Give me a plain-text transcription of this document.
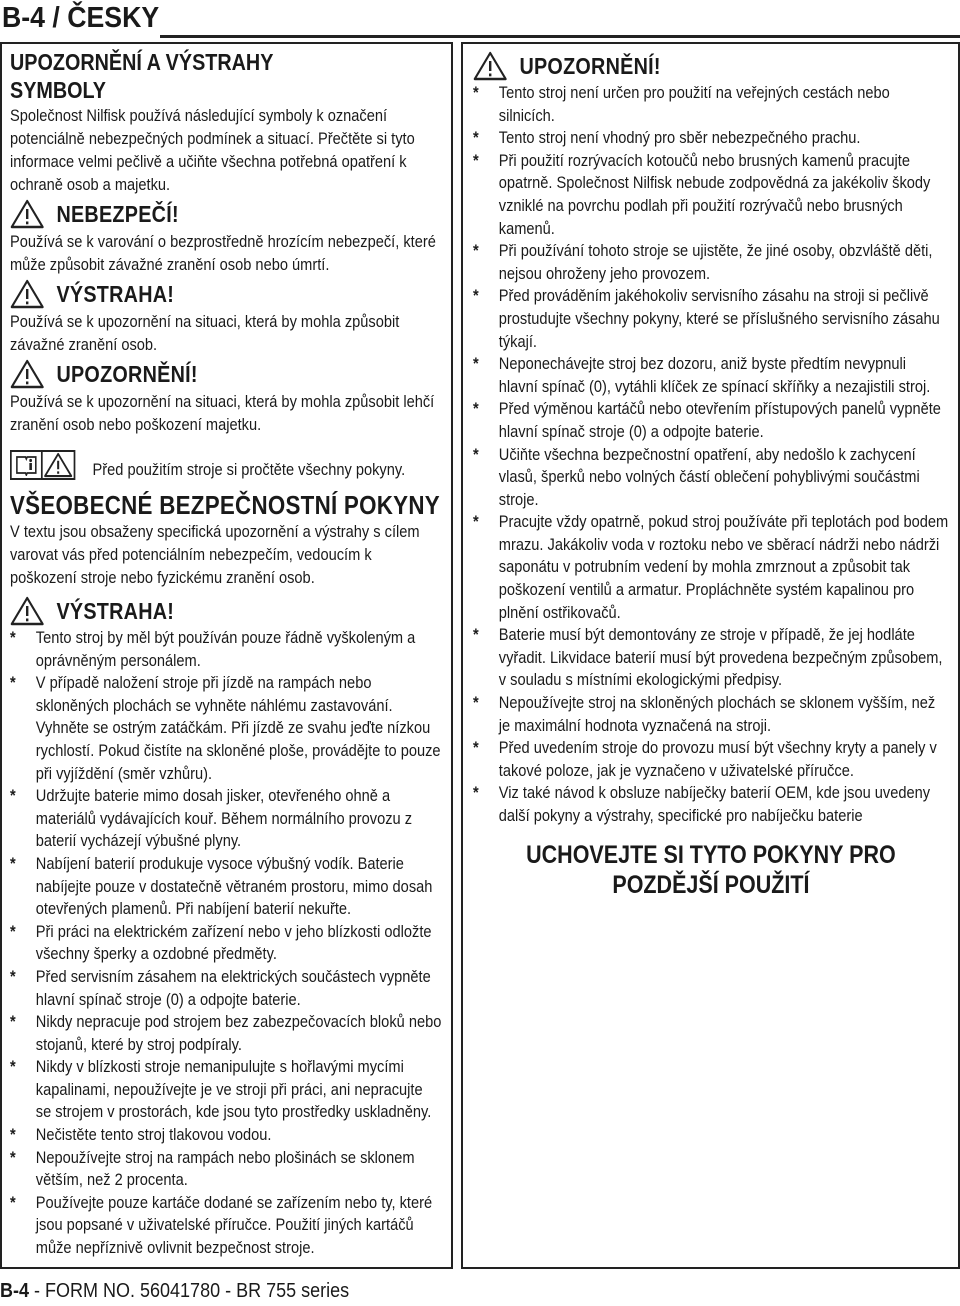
B-4 / ČESKY
UPOZORNĚNÍ A VÝSTRAHY
SYMBOLY

Společnost Nilfisk používá následující symboly k označení potenciálně nebezpečných podmínek a situací. Přečtěte si tyto informace velmi pečlivě a učiňte všechna potřebná opatření k ochraně osob a majetku.

NEBEZPEČÍ!

Používá se k varování o bezprostředně hrozícím nebezpečí, které může způsobit závažné zranění osob nebo úmrtí.

VÝSTRAHA!

Používá se k upozornění na situaci, která by mohla způsobit závažné zranění osob.

UPOZORNĚNÍ!

Používá se k upozornění na situaci, která by mohla způsobit lehčí zranění osob nebo poškození majetku.

Před použitím stroje si pročtěte všechny pokyny.
VŠEOBECNÉ BEZPEČNOSTNÍ POKYNY

V textu jsou obsaženy specifická upozornění a výstrahy s cílem varovat vás před potenciálním nebezpečím, vedoucím k poškození stroje nebo fyzickému zranění osob.

VÝSTRAHA!
* Tento stroj by měl být používán pouze řádně vyškoleným a oprávněným personálem.
* V případě naložení stroje při jízdě na rampách nebo skloněných plochách se vyhněte náhlému zastavování. Vyhněte se ostrým zatáčkám. Při jízdě ze svahu jeďte nízkou rychlostí. Pokud čistíte na skloněné ploše, provádějte to pouze při vyjíždění (směr vzhůru).
* Udržujte baterie mimo dosah jisker, otevřeného ohně a materiálů vydávajících kouř. Během normálního provozu z baterií vycházejí výbušné plyny.
* Nabíjení baterií produkuje vysoce výbušný vodík. Baterie nabíjejte pouze v dostatečně větraném prostoru, mimo dosah otevřených plamenů. Při nabíjení baterií nekuřte.
* Při práci na elektrickém zařízení nebo v jeho blízkosti odložte všechny šperky a ozdobné předměty.
* Před servisním zásahem na elektrických součástech vypněte hlavní spínač stroje (0) a odpojte baterie.
* Nikdy nepracuje pod strojem bez zabezpečovacích bloků nebo stojanů, které by stroj podpíraly.
* Nikdy v blízkosti stroje nemanipulujte s hořlavými mycími kapalinami, nepoužívejte je ve stroji při práci, ani nepracujte se strojem v prostorách, kde jsou tyto prostředky uskladněny.
* Nečistěte tento stroj tlakovou vodou.
* Nepoužívejte stroj na rampách nebo plošinách se sklonem větším, než 2 procenta.
* Používejte pouze kartáče dodané se zařízením nebo ty, které jsou popsané v uživatelské příručce. Použití jiných kartáčů může nepříznivě ovlivnit bezpečnost stroje.
UPOZORNĚNÍ!
* Tento stroj není určen pro použití na veřejných cestách nebo silnicích.
* Tento stroj není vhodný pro sběr nebezpečného prachu.
* Při použití rozrývacích kotoučů nebo brusných kamenů pracujte opatrně. Společnost Nilfisk nebude zodpovědná za jakékoliv škody vzniklé na povrchu podlah při použití rozrývačů nebo brusných kamenů.
* Při používání tohoto stroje se ujistěte, že jiné osoby, obzvláště děti, nejsou ohroženy jeho provozem.
* Před prováděním jakéhokoliv servisního zásahu na stroji si pečlivě prostudujte všechny pokyny, které se příslušného servisního zásahu týkají.
* Neponechávejte stroj bez dozoru, aniž byste předtím nevypnuli hlavní spínač (0), vytáhli klíček ze spínací skříňky a nezajistili stroj.
* Před výměnou kartáčů nebo otevřením přístupových panelů vypněte hlavní spínač stroje (0) a odpojte baterie.
* Učiňte všechna bezpečnostní opatření, aby nedošlo k zachycení vlasů, šperků nebo volných částí oblečení pohyblivými součástmi stroje.
* Pracujte vždy opatrně, pokud stroj používáte při teplotách pod bodem mrazu. Jakákoliv voda v roztoku nebo ve sběrací nádrži nebo nádrži saponátu v potrubním vedení by mohla zmrznout a způsobit tak poškození ventilů a armatur. Propláchněte systém kapalinou pro plnění ostřikovačů.
* Baterie musí být demontovány ze stroje v případě, že jej hodláte vyřadit. Likvidace baterií musí být provedena bezpečným způsobem, v souladu s místními ekologickými předpisy.
* Nepoužívejte stroj na skloněných plochách se sklonem vyšším, než je maximální hodnota vyznačená na stroji.
* Před uvedením stroje do provozu musí být všechny kryty a panely v takové poloze, jak je vyznačeno v uživatelské příručce.
* Viz také návod k obsluze nabíječky baterií OEM, kde jsou uvedeny další pokyny a výstrahy, specifické pro nabíječku baterie
UCHOVEJTE SI TYTO POKYNY PRO POZDĚJŠÍ POUŽITÍ
B-4 - FORM NO. 56041780 - BR 755 series
